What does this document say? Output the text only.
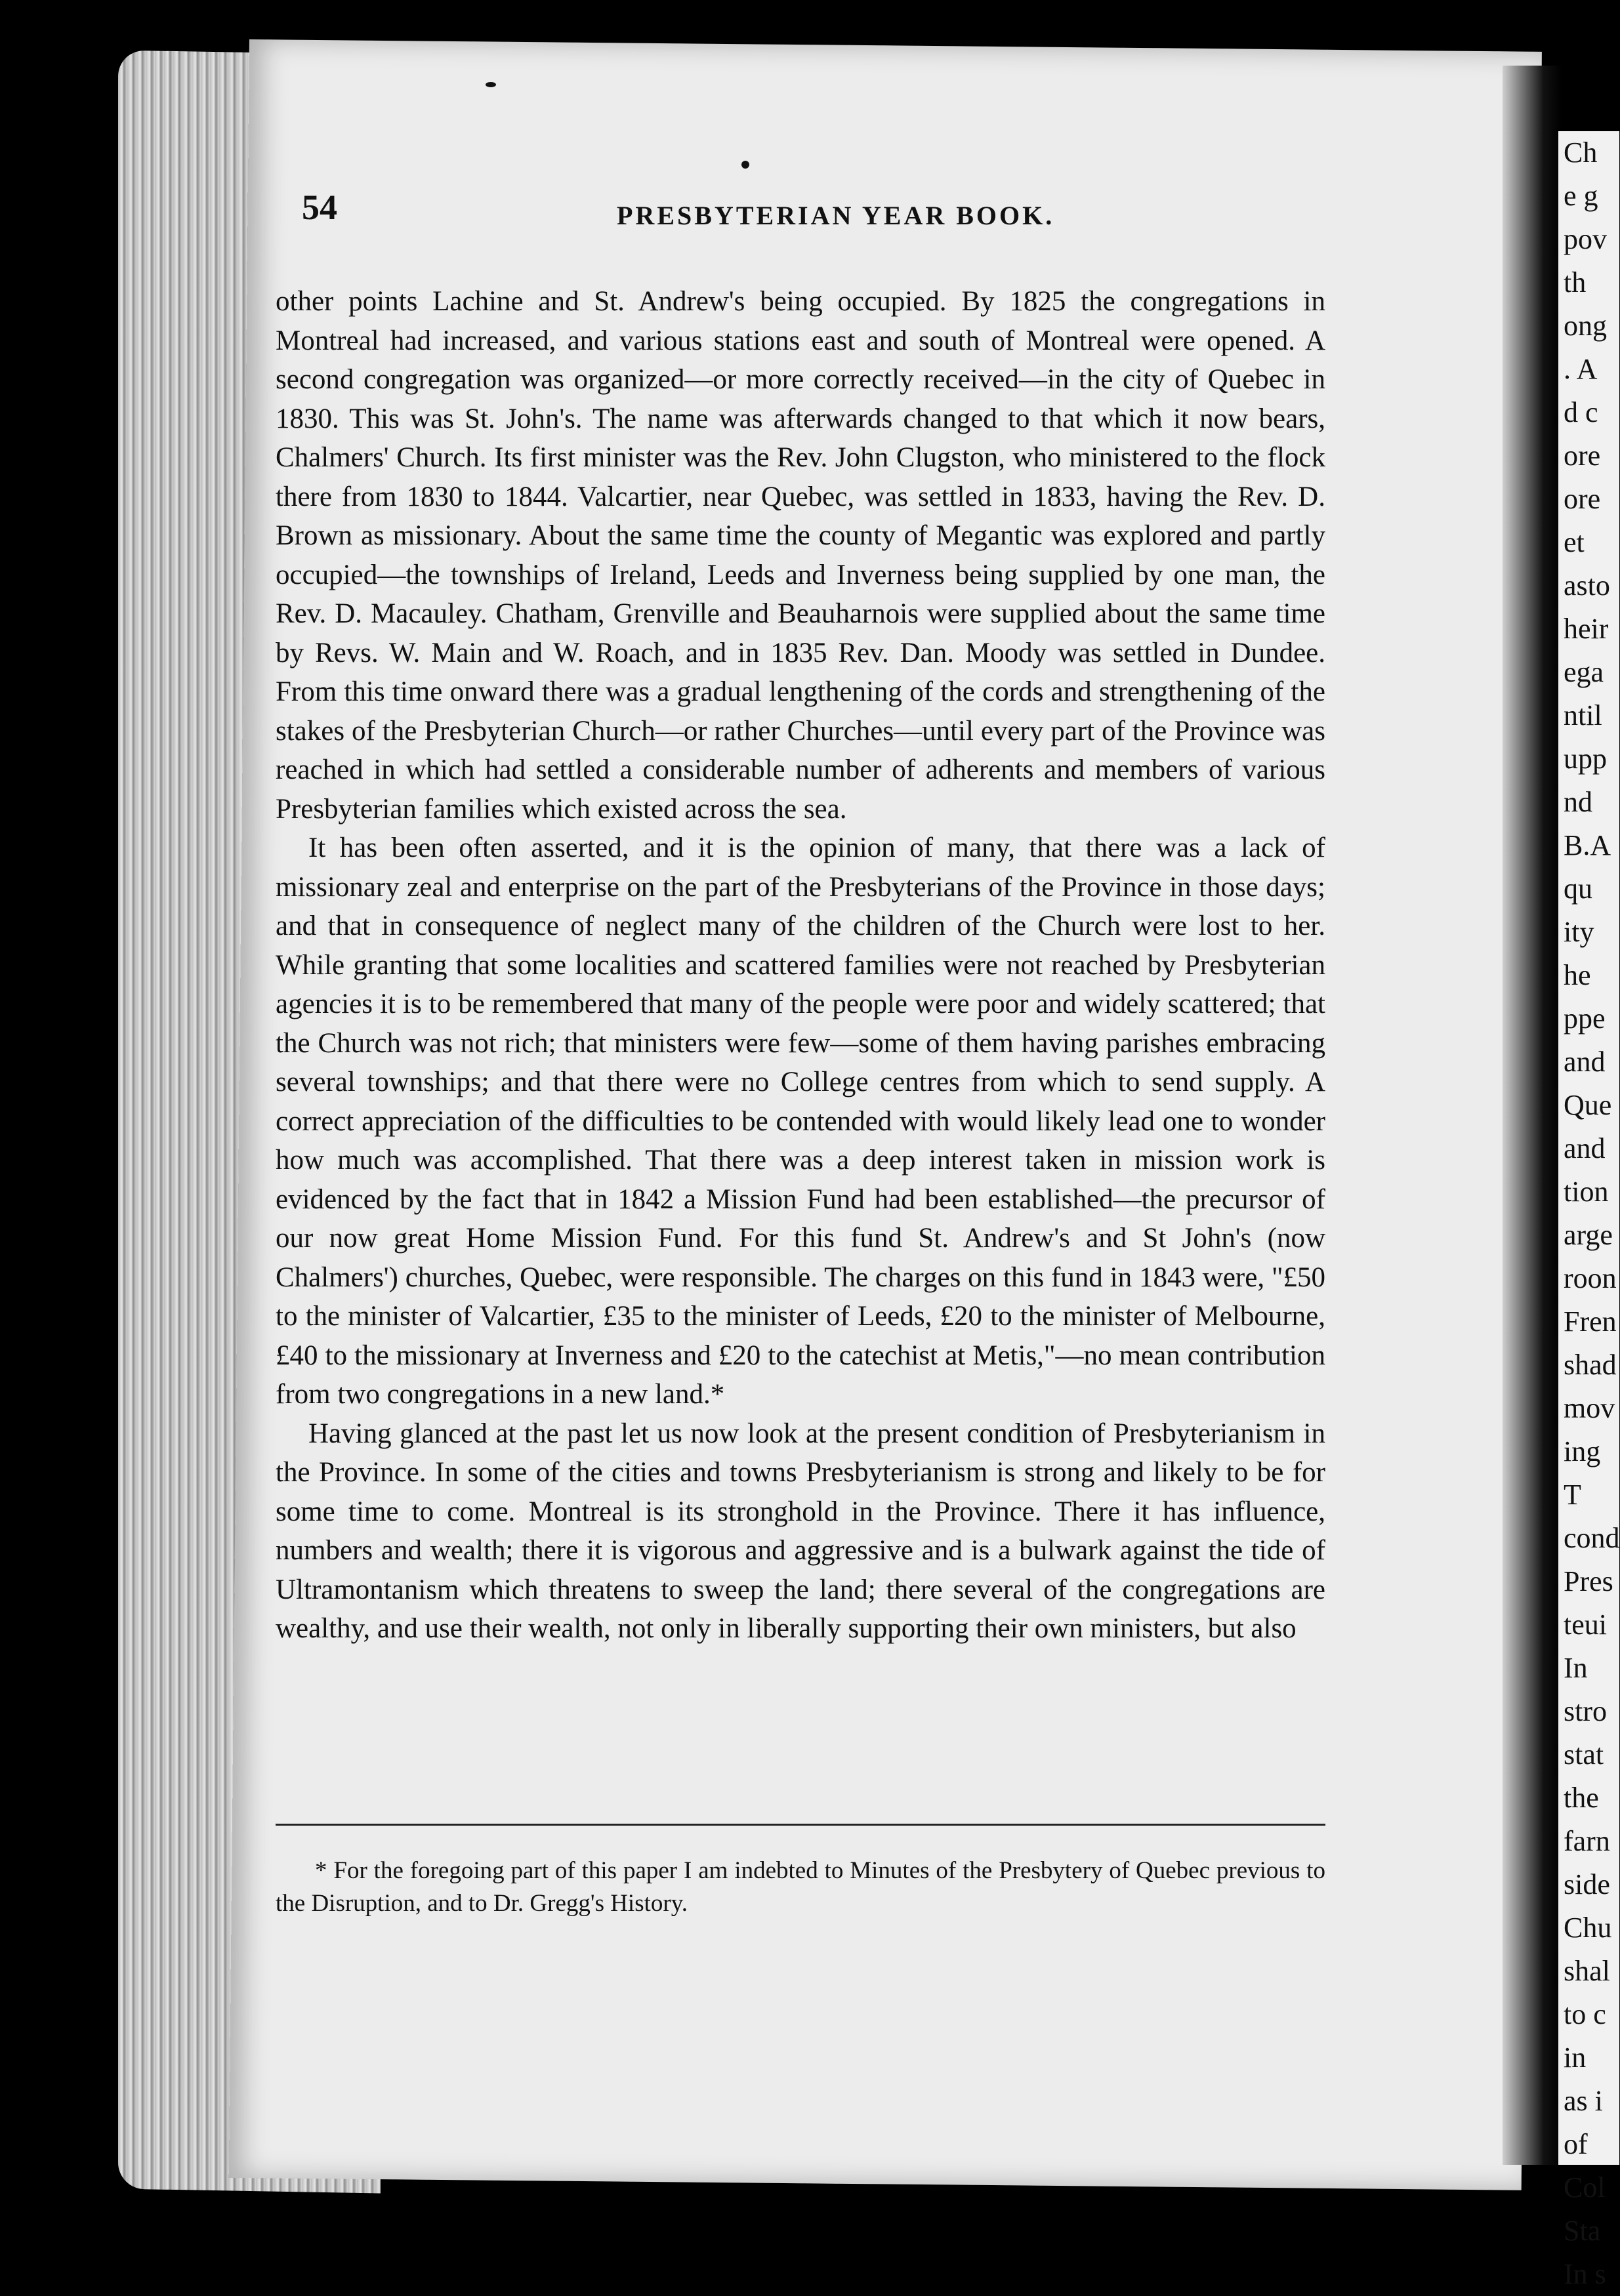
Ch
e g
pov
th
ong
. A
d c
ore
ore
et
asto
heir
ega
ntil
upp
nd
B.A
qu
ity
he
ppe
and
Que
and
tion
arge
roon
Fren
shad
mov
ing
T
cond
Pres
teui
In
stro
stat
the
farn
side
Chu
shal
to c
in
as i
of
Col
Sta
In s
54	PRESBYTERIAN YEAR BOOK.

other points Lachine and St. Andrew's being occupied. By 1825 the congregations in Montreal had increased, and various stations east and south of Montreal were opened. A second congregation was organized—or more correctly received—in the city of Quebec in 1830. This was St. John's. The name was afterwards changed to that which it now bears, Chalmers' Church. Its first minister was the Rev. John Clugston, who ministered to the flock there from 1830 to 1844. Valcartier, near Quebec, was settled in 1833, having the Rev. D. Brown as missionary. About the same time the county of Megantic was explored and partly occupied—the townships of Ireland, Leeds and Inverness being supplied by one man, the Rev. D. Macauley. Chatham, Grenville and Beauharnois were supplied about the same time by Revs. W. Main and W. Roach, and in 1835 Rev. Dan. Moody was settled in Dundee. From this time onward there was a gradual lengthening of the cords and strengthening of the stakes of the Presbyterian Church—or rather Churches—until every part of the Province was reached in which had settled a considerable number of adherents and members of various Presbyterian families which existed across the sea.

It has been often asserted, and it is the opinion of many, that there was a lack of missionary zeal and enterprise on the part of the Presbyterians of the Province in those days; and that in consequence of neglect many of the children of the Church were lost to her. While granting that some localities and scattered families were not reached by Presbyterian agencies it is to be remembered that many of the people were poor and widely scattered; that the Church was not rich; that ministers were few—some of them having parishes embracing several townships; and that there were no College centres from which to send supply. A correct appreciation of the difficulties to be contended with would likely lead one to wonder how much was accomplished. That there was a deep interest taken in mission work is evidenced by the fact that in 1842 a Mission Fund had been established—the precursor of our now great Home Mission Fund. For this fund St. Andrew's and St John's (now Chalmers') churches, Quebec, were responsible. The charges on this fund in 1843 were, "£50 to the minister of Valcartier, £35 to the minister of Leeds, £20 to the minister of Melbourne, £40 to the missionary at Inverness and £20 to the catechist at Metis,"—no mean contribution from two congregations in a new land.*

Having glanced at the past let us now look at the present condition of Presbyterianism in the Province. In some of the cities and towns Presbyterianism is strong and likely to be for some time to come. Montreal is its stronghold in the Province. There it has influence, numbers and wealth; there it is vigorous and aggressive and is a bulwark against the tide of Ultramontanism which threatens to sweep the land; there several of the congregations are wealthy, and use their wealth, not only in liberally supporting their own ministers, but also

* For the foregoing part of this paper I am indebted to Minutes of the Presbytery of Quebec previous to the Disruption, and to Dr. Gregg's History.
